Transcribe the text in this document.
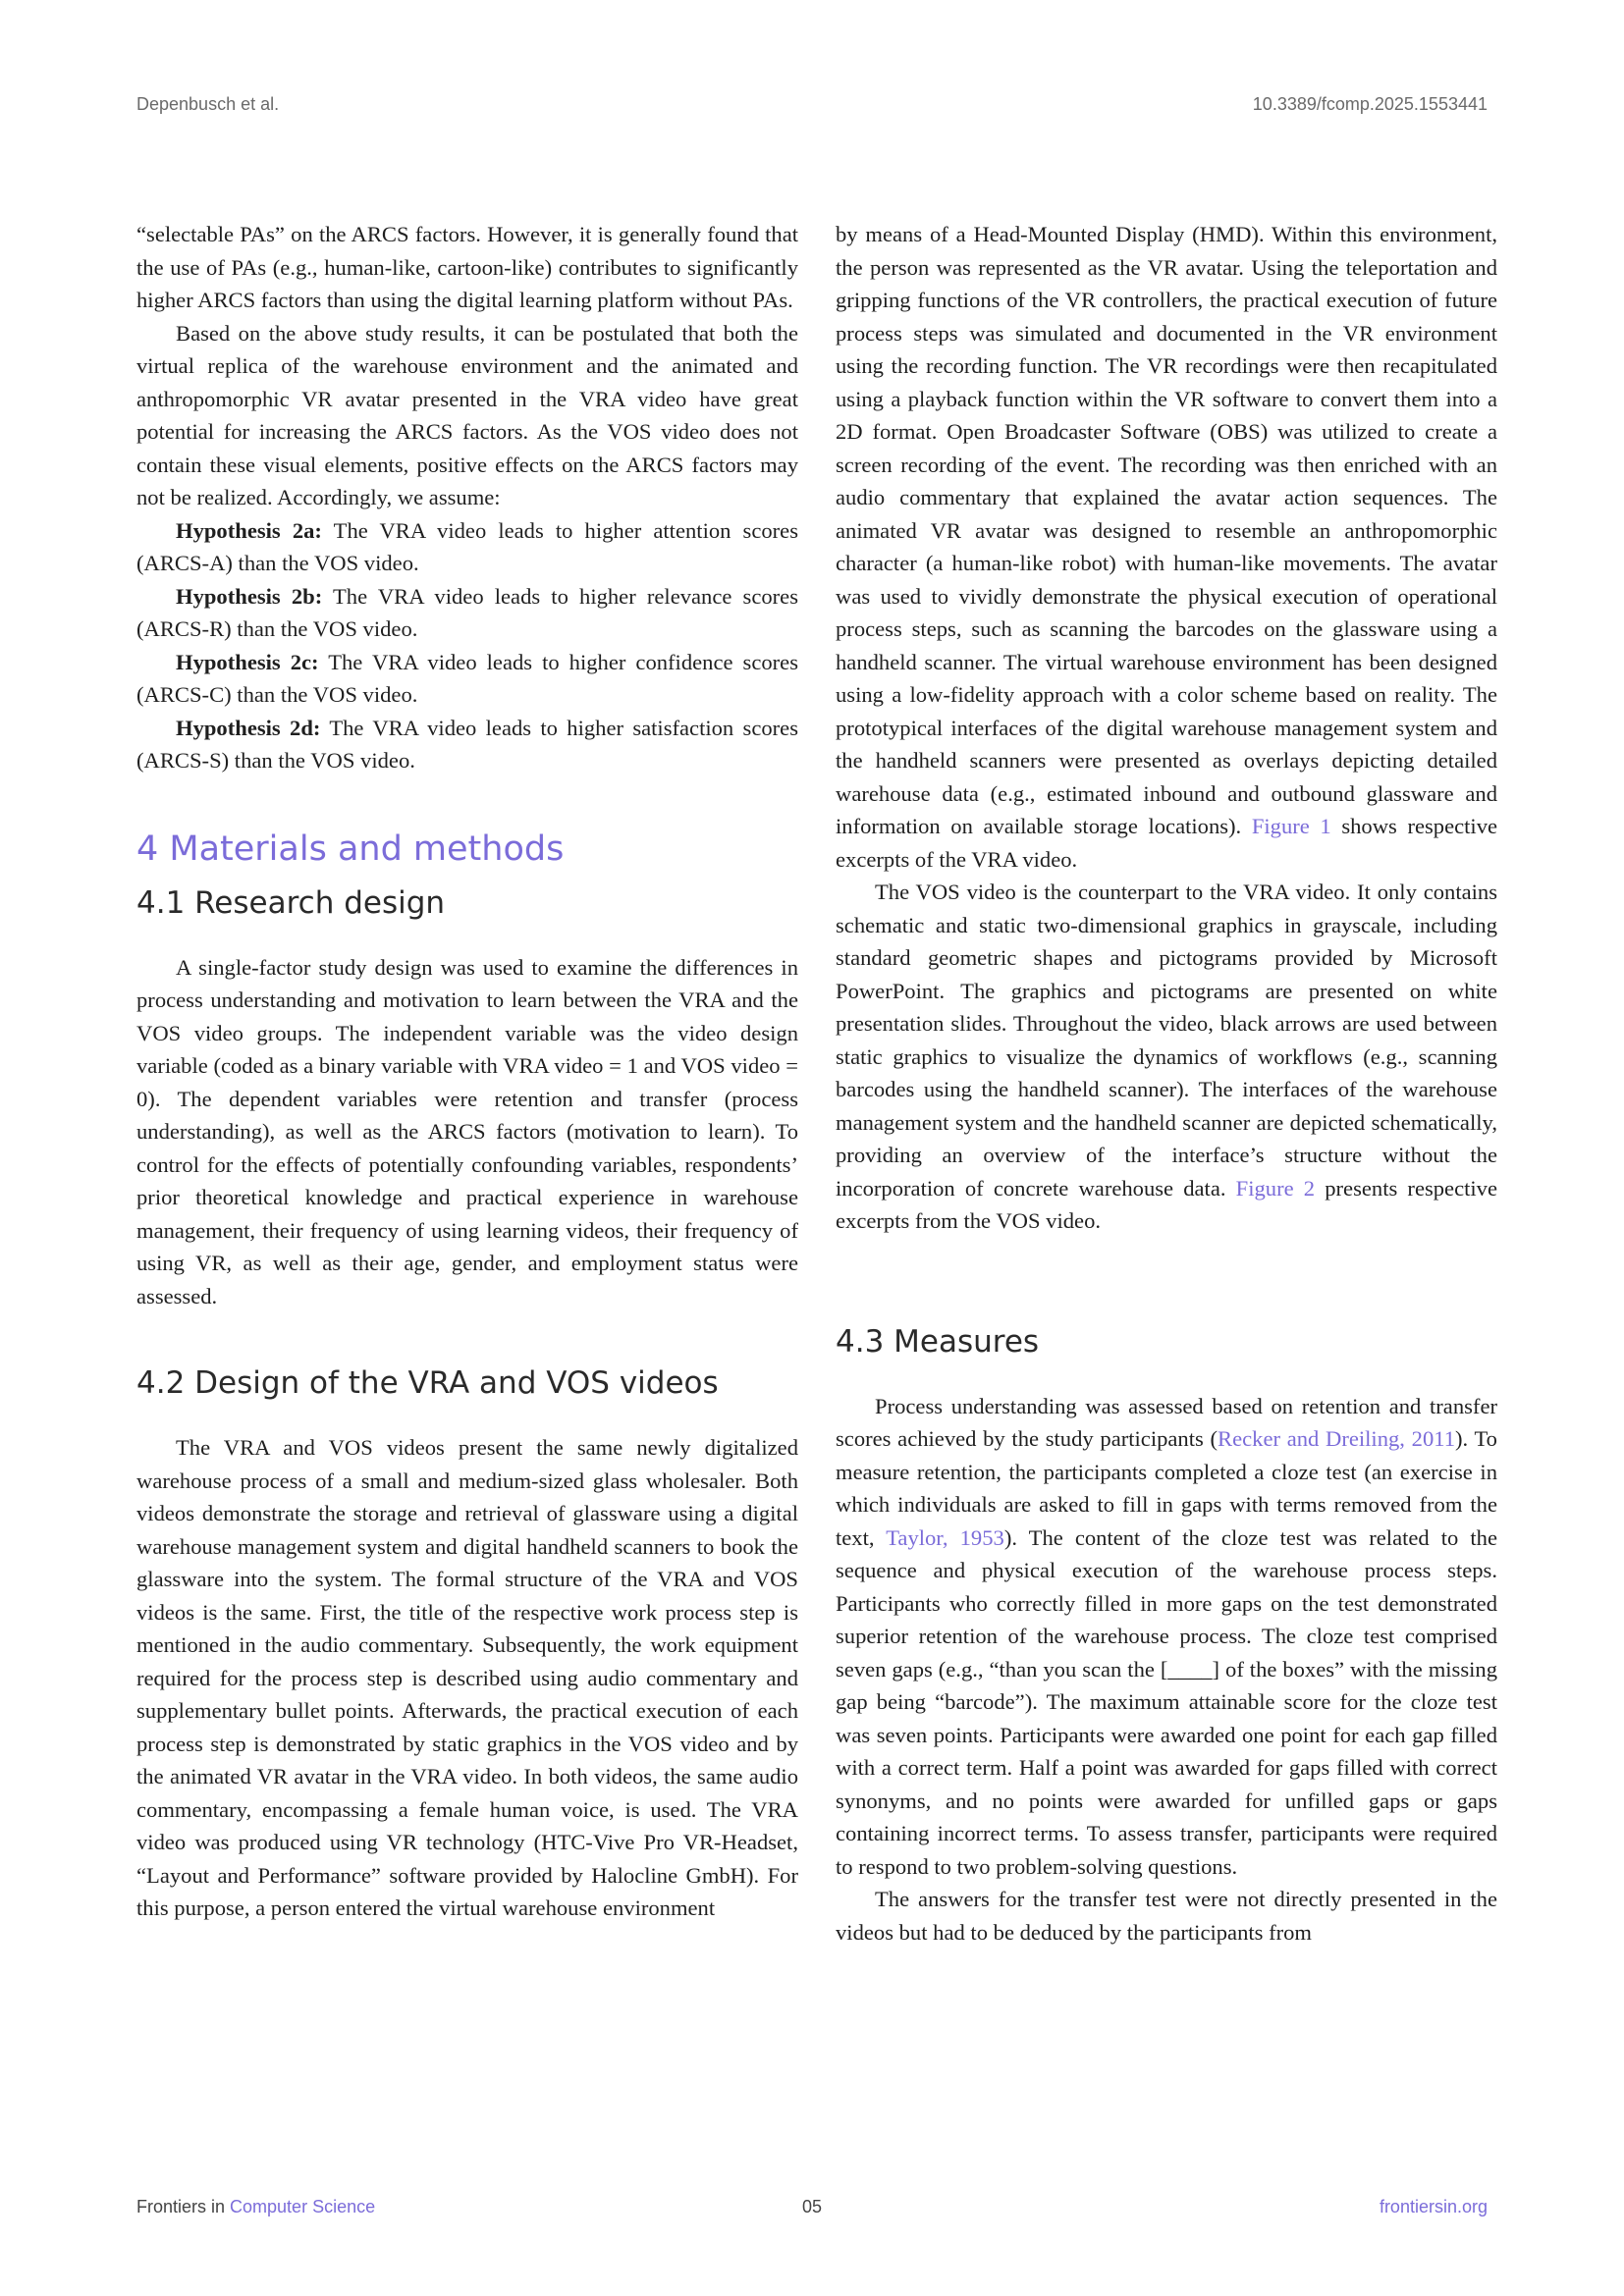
Depenbusch et al.	10.3389/fcomp.2025.1553441

“selectable PAs” on the ARCS factors. However, it is generally found that the use of PAs (e.g., human-like, cartoon-like) contributes to significantly higher ARCS factors than using the digital learning platform without PAs.

Based on the above study results, it can be postulated that both the virtual replica of the warehouse environment and the animated and anthropomorphic VR avatar presented in the VRA video have great potential for increasing the ARCS factors. As the VOS video does not contain these visual elements, positive effects on the ARCS factors may not be realized. Accordingly, we assume:

Hypothesis 2a: The VRA video leads to higher attention scores (ARCS-A) than the VOS video.

Hypothesis 2b: The VRA video leads to higher relevance scores (ARCS-R) than the VOS video.

Hypothesis 2c: The VRA video leads to higher confidence scores (ARCS-C) than the VOS video.

Hypothesis 2d: The VRA video leads to higher satisfaction scores (ARCS-S) than the VOS video.

4 Materials and methods
4.1 Research design

A single-factor study design was used to examine the differences in process understanding and motivation to learn between the VRA and the VOS video groups. The independent variable was the video design variable (coded as a binary variable with VRA video = 1 and VOS video = 0). The dependent variables were retention and transfer (process understanding), as well as the ARCS factors (motivation to learn). To control for the effects of potentially confounding variables, respondents’ prior theoretical knowledge and practical experience in warehouse management, their frequency of using learning videos, their frequency of using VR, as well as their age, gender, and employment status were assessed.

4.2 Design of the VRA and VOS videos

The VRA and VOS videos present the same newly digitalized warehouse process of a small and medium-sized glass wholesaler. Both videos demonstrate the storage and retrieval of glassware using a digital warehouse management system and digital handheld scanners to book the glassware into the system. The formal structure of the VRA and VOS videos is the same. First, the title of the respective work process step is mentioned in the audio commentary. Subsequently, the work equipment required for the process step is described using audio commentary and supplementary bullet points. Afterwards, the practical execution of each process step is demonstrated by static graphics in the VOS video and by the animated VR avatar in the VRA video. In both videos, the same audio commentary, encompassing a female human voice, is used. The VRA video was produced using VR technology (HTC-Vive Pro VR-Headset, “Layout and Performance” software provided by Halocline GmbH). For this purpose, a person entered the virtual warehouse environment

by means of a Head-Mounted Display (HMD). Within this environment, the person was represented as the VR avatar. Using the teleportation and gripping functions of the VR controllers, the practical execution of future process steps was simulated and documented in the VR environment using the recording function. The VR recordings were then recapitulated using a playback function within the VR software to convert them into a 2D format. Open Broadcaster Software (OBS) was utilized to create a screen recording of the event. The recording was then enriched with an audio commentary that explained the avatar action sequences. The animated VR avatar was designed to resemble an anthropomorphic character (a human-like robot) with human-like movements. The avatar was used to vividly demonstrate the physical execution of operational process steps, such as scanning the barcodes on the glassware using a handheld scanner. The virtual warehouse environment has been designed using a low-fidelity approach with a color scheme based on reality. The prototypical interfaces of the digital warehouse management system and the handheld scanners were presented as overlays depicting detailed warehouse data (e.g., estimated inbound and outbound glassware and information on available storage locations). Figure 1 shows respective excerpts of the VRA video.

The VOS video is the counterpart to the VRA video. It only contains schematic and static two-dimensional graphics in grayscale, including standard geometric shapes and pictograms provided by Microsoft PowerPoint. The graphics and pictograms are presented on white presentation slides. Throughout the video, black arrows are used between static graphics to visualize the dynamics of workflows (e.g., scanning barcodes using the handheld scanner). The interfaces of the warehouse management system and the handheld scanner are depicted schematically, providing an overview of the interface’s structure without the incorporation of concrete warehouse data. Figure 2 presents respective excerpts from the VOS video.

4.3 Measures

Process understanding was assessed based on retention and transfer scores achieved by the study participants (Recker and Dreiling, 2011). To measure retention, the participants completed a cloze test (an exercise in which individuals are asked to fill in gaps with terms removed from the text, Taylor, 1953). The content of the cloze test was related to the sequence and physical execution of the warehouse process steps. Participants who correctly filled in more gaps on the test demonstrated superior retention of the warehouse process. The cloze test comprised seven gaps (e.g., “than you scan the [____] of the boxes” with the missing gap being “barcode”). The maximum attainable score for the cloze test was seven points. Participants were awarded one point for each gap filled with a correct term. Half a point was awarded for gaps filled with correct synonyms, and no points were awarded for unfilled gaps or gaps containing incorrect terms. To assess transfer, participants were required to respond to two problem-solving questions.

The answers for the transfer test were not directly presented in the videos but had to be deduced by the participants from

Frontiers in Computer Science	05	frontiersin.org
